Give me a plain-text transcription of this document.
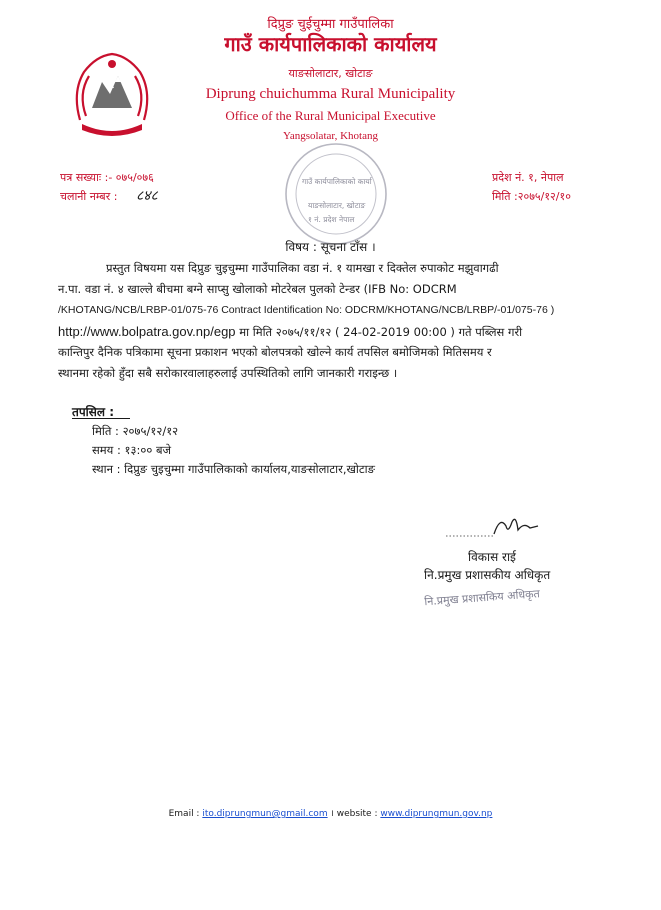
दिप्रुङ चुईचुम्मा गाउँपालिका
गाउँ कार्यपालिकाको कार्यालय
याङसोलाटार, खोटाङ
Diprung chuichumma Rural Municipality
Office of the Rural Municipal Executive
Yangsolatar, Khotang
पत्र सख्याः :- ०७५/०७६
चलानी नम्बर : ८४८
प्रदेश नं. १, नेपाल
मिति :२०७५/१२/१०
गाउँ कार्यपालिकाको कार्या
याङसोलाटार, खोटाङ
१ नं. प्रदेश नेपाल
विषय : सूचना टाँस ।
प्रस्तुत विषयमा यस दिप्रुङ चुइचुम्मा गाउँपालिका वडा नं. १ यामखा र दिक्तेल रुपाकोट मझुवागढी
न.पा. वडा नं. ४ खाल्ले बीचमा बग्ने साप्सु खोलाको मोटरेबल पुलको टेन्डर (IFB No: ODCRM
/KHOTANG/NCB/LRBP-01/075-76 Contract Identification No: ODCRM/KHOTANG/NCB/LRBP/-01/075-76 )
http://www.bolpatra.gov.np/egp मा मिति २०७५/११/१२ ( 24-02-2019 00:00 ) गते पब्लिस गरी
कान्तिपुर दैनिक पत्रिकामा सूचना प्रकाशन भएको बोलपत्रको खोल्ने कार्य तपसिल बमोजिमको मितिसमय र
स्थानमा रहेको हुँदा सबै सरोकारवालाहरुलाई उपस्थितिको लागि जानकारी गराइन्छ ।
तपसिल :
मिति : २०७५/१२/१२
समय : १३:०० बजे
स्थान : दिप्रुङ चुइचुम्मा गाउँपालिकाको कार्यालय,याङसोलाटार,खोटाङ
विकास राई
नि.प्रमुख प्रशासकीय अधिकृत
नि.प्रमुख प्रशासकिय अधिकृत
Email : ito.diprungmun@gmail.com । website : www.diprungmun.gov.np
